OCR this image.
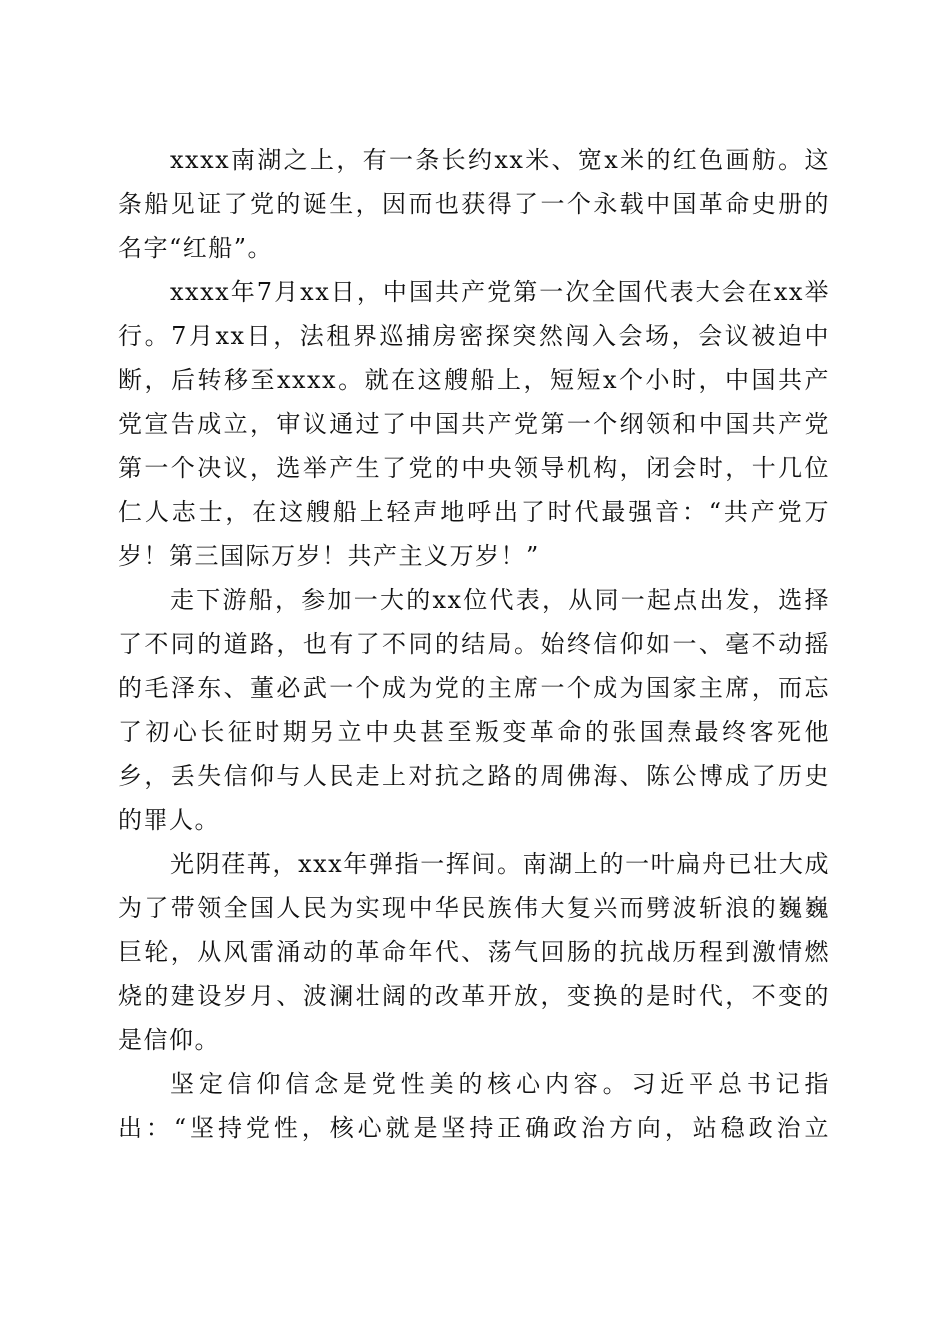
xxxx南湖之上，有一条长约xx米、宽x米的红色画舫。这条船见证了党的诞生，因而也获得了一个永载中国革命史册的名字“红船”。

xxxx年7月xx日，中国共产党第一次全国代表大会在xx举行。7月xx日，法租界巡捕房密探突然闯入会场，会议被迫中断，后转移至xxxx。就在这艘船上，短短x个小时，中国共产党宣告成立，审议通过了中国共产党第一个纲领和中国共产党第一个决议，选举产生了党的中央领导机构，闭会时，十几位仁人志士，在这艘船上轻声地呼出了时代最强音：“共产党万岁！第三国际万岁！共产主义万岁！”

走下游船，参加一大的xx位代表，从同一起点出发，选择了不同的道路，也有了不同的结局。始终信仰如一、毫不动摇的毛泽东、董必武一个成为党的主席一个成为国家主席，而忘了初心长征时期另立中央甚至叛变革命的张国焘最终客死他乡，丢失信仰与人民走上对抗之路的周佛海、陈公博成了历史的罪人。

光阴荏苒，xxx年弹指一挥间。南湖上的一叶扁舟已壮大成为了带领全国人民为实现中华民族伟大复兴而劈波斩浪的巍巍巨轮，从风雷涌动的革命年代、荡气回肠的抗战历程到激情燃烧的建设岁月、波澜壮阔的改革开放，变换的是时代，不变的是信仰。

坚定信仰信念是党性美的核心内容。习近平总书记指出：“坚持党性，核心就是坚持正确政治方向，站稳政治立
